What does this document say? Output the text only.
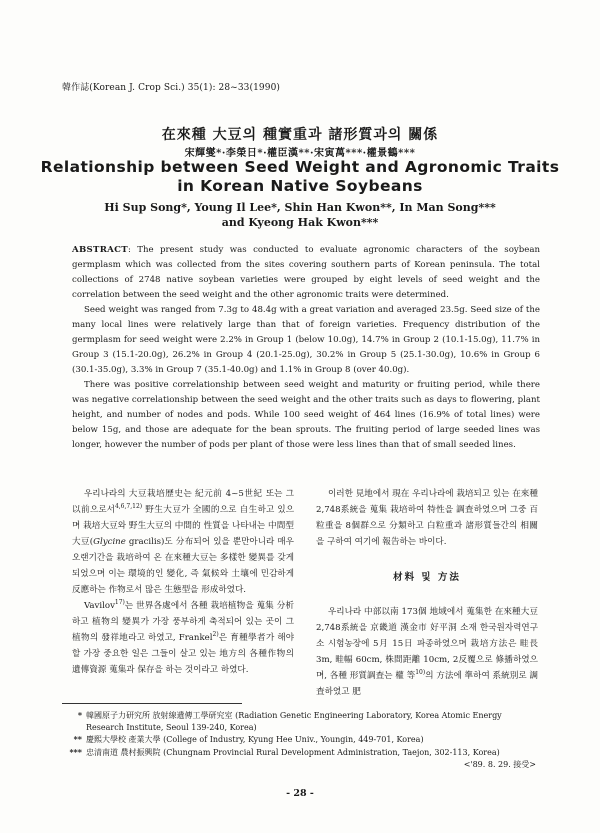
韓作誌(Korean J. Crop Sci.) 35(1): 28~33(1990)
在來種 大豆의 種實重과 諸形質과의 關係
宋輝燮*·李榮日*·權臣漢**·宋寅萬***·權景鶴***
Relationship between Seed Weight and Agronomic Traits
in Korean Native Soybeans
Hi Sup Song*, Young Il Lee*, Shin Han Kwon**, In Man Song***
and Kyeong Hak Kwon***

ABSTRACT: The present study was conducted to evaluate agronomic characters of the soybean germplasm which was collected from the sites covering southern parts of Korean peninsula. The total collections of 2748 native soybean varieties were grouped by eight levels of seed weight and the correlation between the seed weight and the other agronomic traits were determined.

Seed weight was ranged from 7.3g to 48.4g with a great variation and averaged 23.5g. Seed size of the many local lines were relatively large than that of foreign varieties. Frequency distribution of the germplasm for seed weight were 2.2% in Group 1 (below 10.0g), 14.7% in Group 2 (10.1-15.0g), 11.7% in Group 3 (15.1-20.0g), 26.2% in Group 4 (20.1-25.0g), 30.2% in Group 5 (25.1-30.0g), 10.6% in Group 6 (30.1-35.0g), 3.3% in Group 7 (35.1-40.0g) and 1.1% in Group 8 (over 40.0g).

There was positive correlationship between seed weight and maturity or fruiting period, while there was negative correlationship between the seed weight and the other traits such as days to flowering, plant height, and number of nodes and pods. While 100 seed weight of 464 lines (16.9% of total lines) were below 15g, and those are adequate for the bean sprouts. The fruiting period of large seeded lines was longer, however the number of pods per plant of those were less lines than that of small seeded lines.

우리나라의 大豆栽培歷史는 紀元前 4~5世紀 또는 그 以前으로서$^{4,6,7,12)}$ 野生大豆가 全國的으로 自生하고 있으며 栽培大豆와 野生大豆의 中間的 性質을 나타내는 中間型大豆(Glycine gracilis)도 分布되어 있을 뿐만아니라 매우 오랜기간을 栽培하여 온 在來種大豆는 多樣한 變異를 갖게 되었으며 이는 環境的인 變化, 즉 氣候와 土壤에 민감하게 反應하는 作物로서 많은 生態型을 形成하였다.

Vavilov$^{17)}$는 世界各處에서 各種 栽培植物을 蒐集 分析하고 植物의 變異가 가장 풍부하게 축적되어 있는 곳이 그 植物의 發祥地라고 하였고, Frankel$^{2)}$은 育種學者가 해야할 가장 중요한 일은 그들이 살고 있는 地方의 各種作物의 遺傳資源 蒐集과 保存을 하는 것이라고 하였다.

이러한 見地에서 現在 우리나라에 栽培되고 있는 在來種 2,748系統을 蒐集 栽培하여 特性을 調査하였으며 그중 百粒重을 8個群으로 分類하고 白粒重과 諸形質들간의 相關을 구하여 여기에 報告하는 바이다.

材料 및 方法

우리나라 中部以南 173個 地域에서 蒐集한 在來種大豆 2,748系統을 京畿道 漢金市 好平洞 소재 한국원자력연구소 시험농장에 5月 15日 파종하였으며 栽培方法은 畦長 3m, 畦幅 60cm, 株間距離 10cm, 2反覆으로 條播하였으며, 各種 形質調査는 權 等$^{10)}$의 方法에 準하여 系統別로 調査하였고 肥

* 韓國原子力研究所 放射線遺傳工學研究室 (Radiation Genetic Engineering Laboratory, Korea Atomic Energy
Research Institute, Seoul 139-240, Korea)
** 慶熙大學校 產業大學 (College of Industry, Kyung Hee Univ., Youngin, 449-701, Korea)
*** 忠清南道 農村振興院 (Chungnam Provincial Rural Development Administration, Taejon, 302-113, Korea)
<'89. 8. 29. 接受>
- 28 -
